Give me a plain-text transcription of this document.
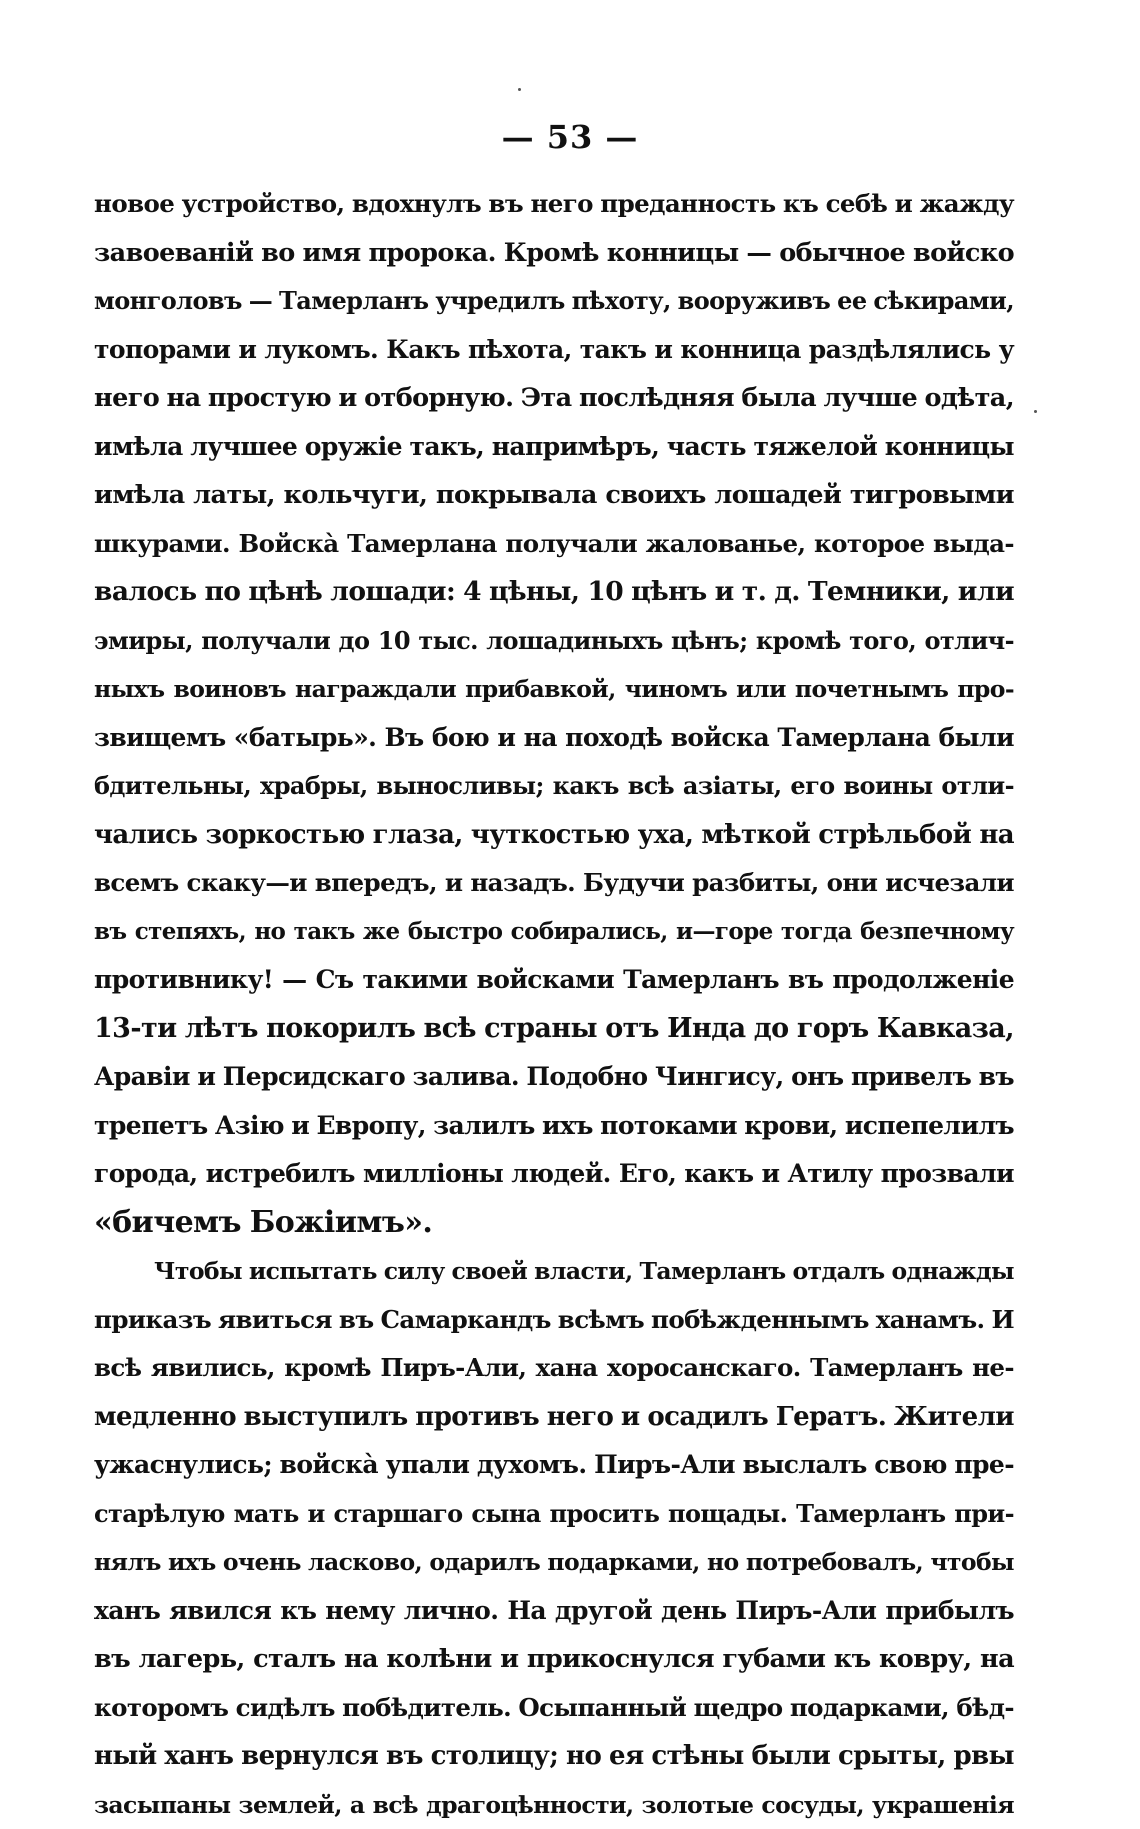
— 53 —
новое устройство, вдохнулъ въ него преданность къ себѣ и жажду
завоеваній во имя пророка. Кромѣ конницы — обычное войско
монголовъ — Тамерланъ учредилъ пѣхоту, вооруживъ ее сѣкирами,
топорами и лукомъ. Какъ пѣхота, такъ и конница раздѣлялись у
него на простую и отборную. Эта послѣдняя была лучше одѣта,
имѣла лучшее оружіе такъ, напримѣръ, часть тяжелой конницы
имѣла латы, кольчуги, покрывала своихъ лошадей тигровыми
шкурами. Войскà Тамерлана получали жалованье, которое выда-
валось по цѣнѣ лошади: 4 цѣны, 10 цѣнъ и т. д. Темники, или
эмиры, получали до 10 тыс. лошадиныхъ цѣнъ; кромѣ того, отлич-
ныхъ воиновъ награждали прибавкой, чиномъ или почетнымъ про-
звищемъ «батырь». Въ бою и на походѣ войска Тамерлана были
бдительны, храбры, выносливы; какъ всѣ азіаты, его воины отли-
чались зоркостью глаза, чуткостью уха, мѣткой стрѣльбой на
всемъ скаку—и впередъ, и назадъ. Будучи разбиты, они исчезали
въ степяхъ, но такъ же быстро собирались, и—горе тогда безпечному
противнику! — Съ такими войсками Тамерланъ въ продолженіе
13-ти лѣтъ покорилъ всѣ страны отъ Инда до горъ Кавказа,
Аравіи и Персидскаго залива. Подобно Чингису, онъ привелъ въ
трепетъ Азію и Европу, залилъ ихъ потоками крови, испепелилъ
города, истребилъ милліоны людей. Его, какъ и Атилу прозвали
«бичемъ Божіимъ».
Чтобы испытать силу своей власти, Тамерланъ отдалъ однажды
приказъ явиться въ Самаркандъ всѣмъ побѣжденнымъ ханамъ. И
всѣ явились, кромѣ Пиръ-Али, хана хоросанскаго. Тамерланъ не-
медленно выступилъ противъ него и осадилъ Гератъ. Жители
ужаснулись; войскà упали духомъ. Пиръ-Али выслалъ свою пре-
старѣлую мать и старшаго сына просить пощады. Тамерланъ при-
нялъ ихъ очень ласково, одарилъ подарками, но потребовалъ, чтобы
ханъ явился къ нему лично. На другой день Пиръ-Али прибылъ
въ лагерь, сталъ на колѣни и прикоснулся губами къ ковру, на
которомъ сидѣлъ побѣдитель. Осыпанный щедро подарками, бѣд-
ный ханъ вернулся въ столицу; но ея стѣны были срыты, рвы
засыпаны землей, а всѣ драгоцѣнности, золотые сосуды, украшенія
